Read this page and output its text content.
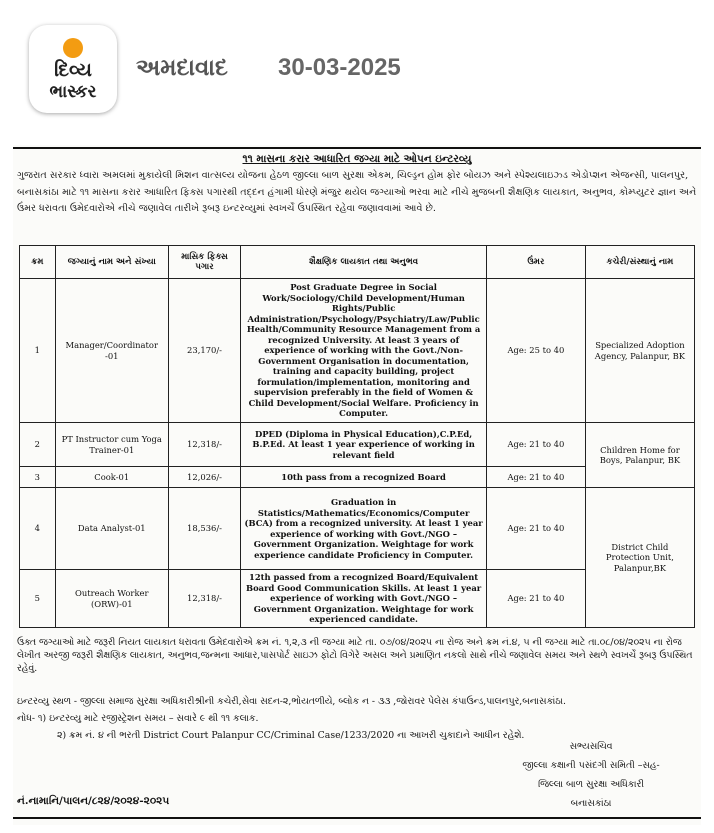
દિવ્ય
ભાસ્કર
અમદાવાદ 30-03-2025
૧૧ માસના કરાર આધારિત જગ્યા માટે ઓપન ઇન્ટરવ્યુ
ગુજરાત સરકાર ધ્વારા અમલમાં મુકાયેલી મિશન વાત્સલ્ય યોજના હેઠળ જીલ્લા બાળ સુરક્ષા એકમ, ચિલ્ડ્રન હોમ ફોર બોયઝ અને સ્પેશ્યલાઇઝ્ડ એડોપ્શન એજન્સી, પાલનપુર, બનાસકાંઠા માટે ૧૧ માસના કરાર આધારિત ફિક્સ પગારથી તદ્દન હંગામી ધોરણે મંજુર થયેલ જગ્યાઓ ભરવા માટે નીચે મુજબની શૈક્ષણિક લાયકાત, અનુભવ, કોમ્પ્યુટર જ્ઞાન અને ઉંમર ધરાવતા ઉમેદવારોએ નીચે જણાવેલ તારીખે રૂબરૂ ઇન્ટરવ્યુમાં સ્વખર્ચે ઉપસ્થિત રહેવા જણાવવામાં આવે છે.
ક્રમ	જગ્યાનું નામ અને સંખ્યા	માસિક ફિક્સ પગાર	શૈક્ષણિક લાયકાત તથા અનુભવ	ઉંમર	કચેરી/સંસ્થાનું નામ
1	Manager/Coordinator -01	23,170/-	Post Graduate Degree in Social Work/Sociology/Child Development/Human Rights/Public Administration/Psychology/Psychiatry/Law/Public Health/Community Resource Management from a recognized University. At least 3 years of experience of working with the Govt./Non-Government Organisation in documentation, training and capacity building, project formulation/implementation, monitoring and supervision preferably in the field of Women & Child Development/Social Welfare. Proficiency in Computer.	Age: 25 to 40	Specialized Adoption Agency, Palanpur, BK
2	PT Instructor cum Yoga Trainer-01	12,318/-	DPED (Diploma in Physical Education),C.P.Ed, B.P.Ed. At least 1 year experience of working in relevant field	Age: 21 to 40	Children Home for Boys, Palanpur, BK
3	Cook-01	12,026/-	10th pass from a recognized Board	Age: 21 to 40	
4	Data Analyst-01	18,536/-	Graduation in Statistics/Mathematics/Economics/Computer (BCA) from a recognized university. At least 1 year experience of working with Govt./NGO – Government Organization. Weightage for work experience candidate Proficiency in Computer.	Age: 21 to 40	District Child Protection Unit, Palanpur,BK
5	Outreach Worker (ORW)-01	12,318/-	12th passed from a recognized Board/Equivalent Board Good Communication Skills. At least 1 year experience of working with Govt./NGO – Government Organization. Weightage for work experienced candidate.	Age: 21 to 40	
ઉક્ત જગ્યાઓ માટે જરૂરી નિયત લાયકાત ધરાવતા ઉમેદવારોએ ક્રમ નં. ૧,૨,૩ ની જગ્યા માટે તા. ૦૭/૦૪/૨૦૨૫ ના રોજ અને ક્રમ નં.૪, ૫ ની જગ્યા માટે તા.૦૮/૦૪/૨૦૨૫ ના રોજ લેખીત અરજી જરૂરી શૈક્ષણિક લાયકાત, અનુભવ,જન્મના આધાર,પાસપોર્ટ સાઇઝ ફોટો વિગેરે અસલ અને પ્રમાણિત નકલો સાથે નીચે જણાવેલ સમય અને સ્થળે સ્વખર્ચે રૂબરૂ ઉપસ્થિત રહેવું.
ઇન્ટરવ્યુ સ્થળ - જીલ્લા સમાજ સુરક્ષા અધિકારીશ્રીની કચેરી,સેવા સદન-૨,ભોયતળીયે, બ્લોક ન - ૩૩ ,જોરાવર પેલેસ કંપાઉન્ડ,પાલનપુર,બનાસકાંઠા.
નોધ- ૧) ઇન્ટરવ્યુ માટે રજીસ્ટ્રેશન સમય – સવારે ૯ થી ૧૧ કલાક.
૨) ક્રમ નં. ૪ ની ભરતી District Court Palanpur CC/Criminal Case/1233/2020 ના આખરી ચુકાદાને આધીન રહેશે.
સભ્યસચિવ
જીલ્લા કક્ષાની પસંદગી સમિતી –સહ-
જિલ્લા બાળ સુરક્ષા અધિકારી
બનાસકાંઠા
નં.નામાનિ/પાલન/૮૨૪/૨૦૨૪-૨૦૨૫
